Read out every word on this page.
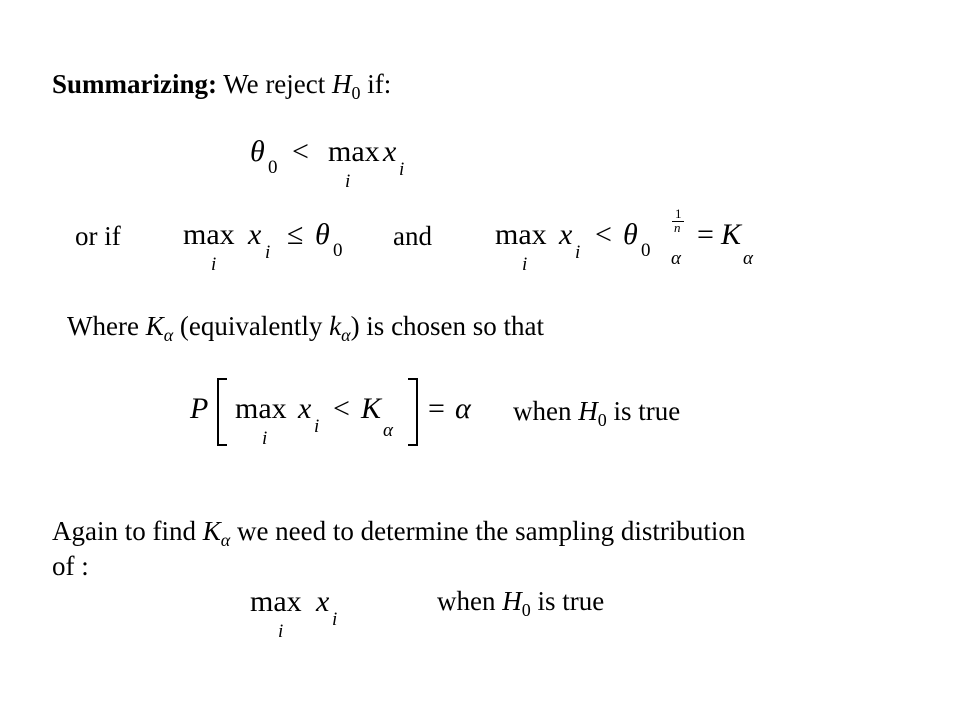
Summarizing: We reject $H_0$ if:
θ 0 < max
i
x
i
or if max
i
x
i
≤ θ 0 and max
i
x
i
< θ 0
1
n
α
= K
α
Where $K_\alpha$ (equivalently $k_\alpha$) is chosen so that
P max
i
x
i
< K
α
= α when $H_0$ is true
Again to find $K_\alpha$ we need to determine the sampling distribution
of :
max
i
x
i
when $H_0$ is true
